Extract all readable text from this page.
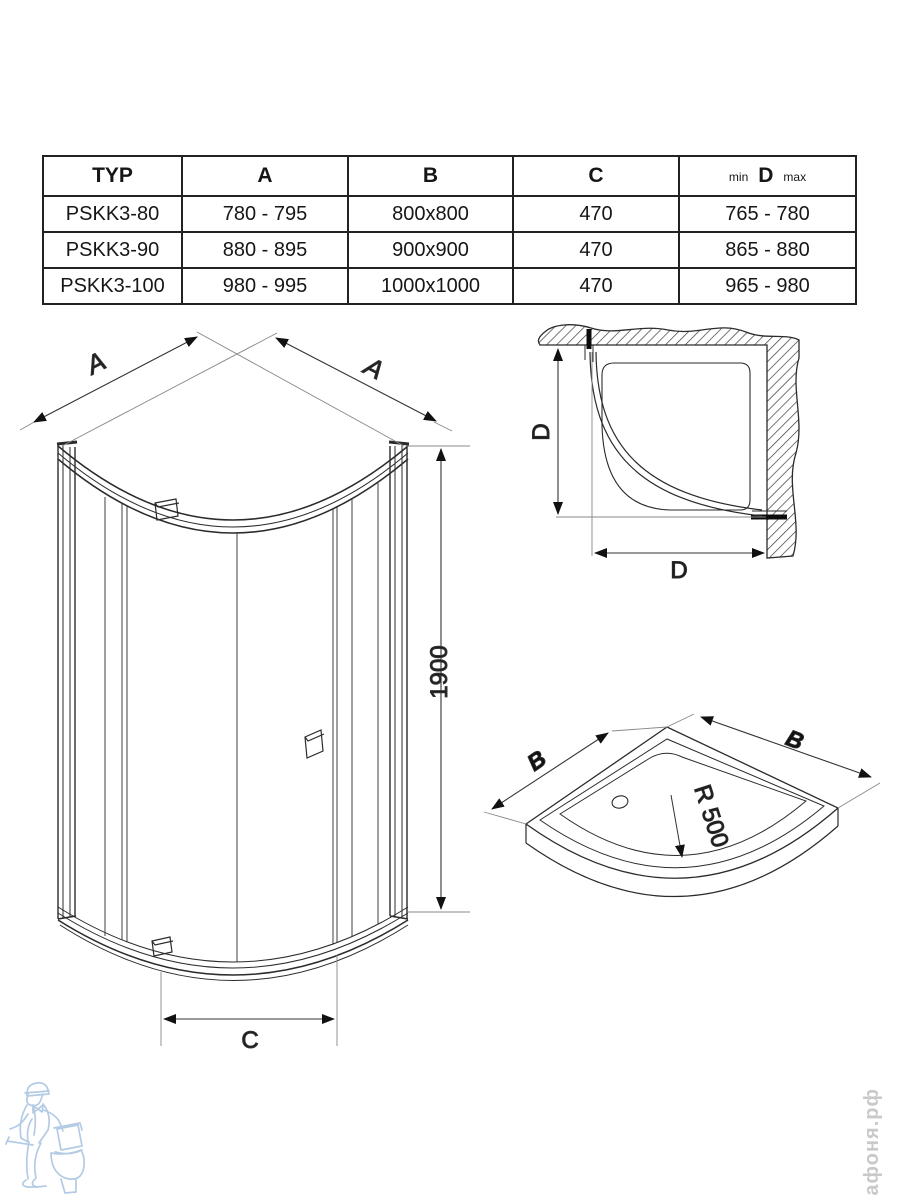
TYP	A	B	C	min D max
PSKK3-80	780 - 795	800x800	470	765 - 780
PSKK3-90	880 - 895	900x900	470	865 - 880
PSKK3-100	980 - 995	1000x1000	470	965 - 980
A	A
1900
C
D
D
R 500
B
B
афоня.рф
